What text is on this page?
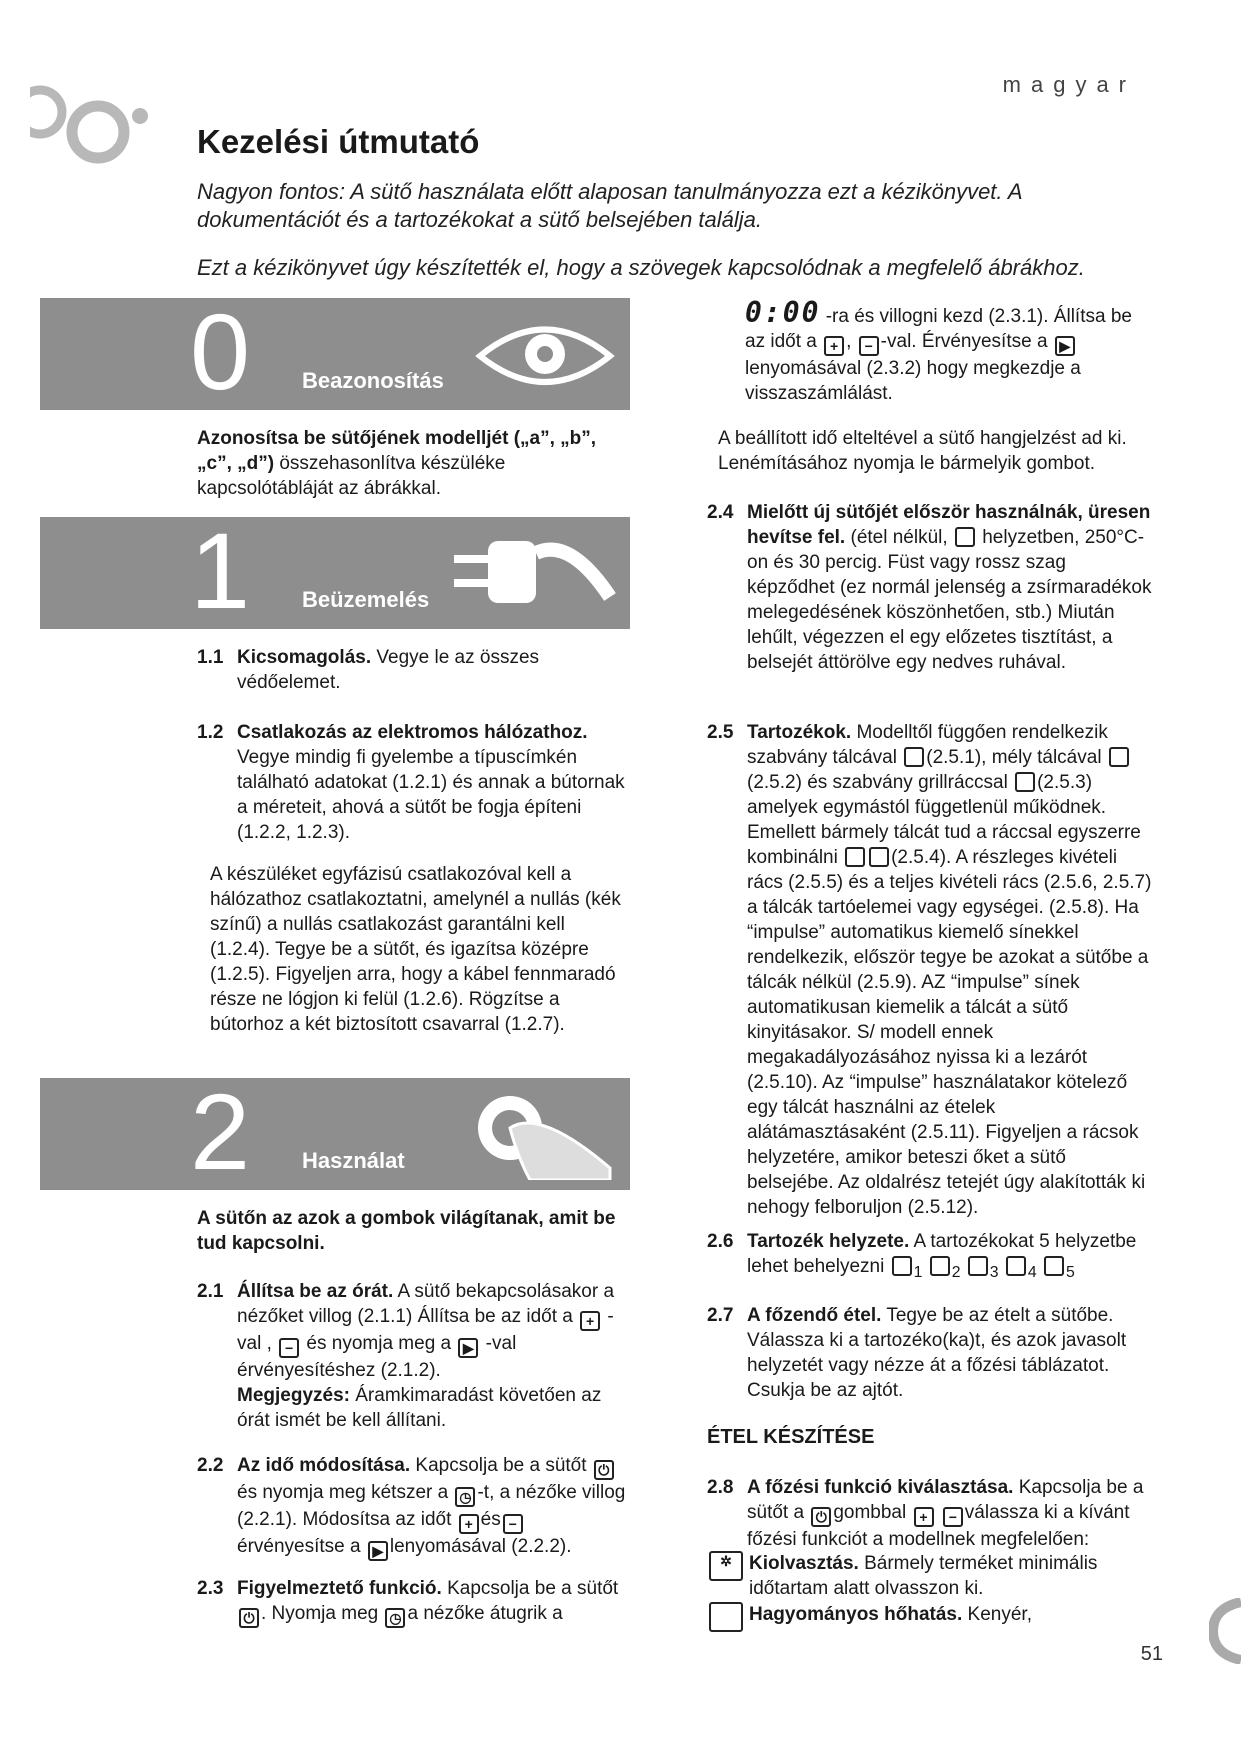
magyar
Kezelési útmutató

Nagyon fontos: A sütő használata előtt alaposan tanulmányozza ezt a kézikönyvet. A dokumentációt és a tartozékokat a sütő belsejében találja.

Ezt a kézikönyvet úgy készítették el, hogy a szövegek kapcsolódnak a megfelelő ábrákhoz.

0 Beazonosítás
Azonosítsa be sütőjének modelljét („a”, „b”, „c”, „d”) összehasonlítva készüléke kapcsolótábláját az ábrákkal.
1 Beüzemelés
1.1 Kicsomagolás. Vegye le az összes védőelemet.
1.2 Csatlakozás az elektromos hálózathoz. Vegye mindig fi gyelembe a típuscímkén található adatokat (1.2.1) és annak a bútornak a méreteit, ahová a sütőt be fogja építeni (1.2.2, 1.2.3).
A készüléket egyfázisú csatlakozóval kell a hálózathoz csatlakoztatni, amelynél a nullás (kék színű) a nullás csatlakozást garantálni kell (1.2.4). Tegye be a sütőt, és igazítsa középre (1.2.5). Figyeljen arra, hogy a kábel fennmaradó része ne lógjon ki felül (1.2.6). Rögzítse a bútorhoz a két biztosított csavarral (1.2.7).
2 Használat
A sütőn az azok a gombok világítanak, amit be tud kapcsolni.
2.1 Állítsa be az órát. A sütő bekapcsolásakor a nézőket villog (2.1.1) Állítsa be az időt a + -val , − és nyomja meg a ▶ -val érvényesítéshez (2.1.2).
Megjegyzés: Áramkimaradást követően az órát ismét be kell állítani.
2.2 Az idő módosítása. Kapcsolja be a sütőt ⏻ és nyomja meg kétszer a ◷ -t, a nézőke villog (2.2.1). Módosítsa az időt + és − érvényesítse a ▶ lenyomásával (2.2.2).
2.3 Figyelmeztető funkció. Kapcsolja be a sütőt
⏻ . Nyomja meg ◷ a nézőke átugrik a
0:00 -ra és villogni kezd (2.3.1). Állítsa be az időt a + , − -val. Érvényesítse a ▶lenyomásával (2.3.2) hogy megkezdje a visszaszámlálást.
A beállított idő elteltével a sütő hangjelzést ad ki. Lenémításához nyomja le bármelyik gombot.
2.4 Mielőtt új sütőjét először használnák, üresen hevítse fel. (étel nélkül, helyzetben, 250°C-on és 30 percig. Füst vagy rossz szag képződhet (ez normál jelenség a zsírmaradékok melegedésének köszönhetően, stb.) Miután lehűlt, végezzen el egy előzetes tisztítást, a belsejét áttörölve egy nedves ruhával.
2.5 Tartozékok. Modelltől függően rendelkezik szabvány tálcával (2.5.1), mély tálcával (2.5.2) és szabvány grillráccsal (2.5.3) amelyek egymástól függetlenül működnek. Emellett bármely tálcát tud a ráccsal egyszerre kombinálni	(2.5.4). A részleges kivételi rács (2.5.5) és a teljes kivételi rács (2.5.6, 2.5.7) a tálcák tartóelemei vagy egységei. (2.5.8). Ha “impulse” automatikus kiemelő sínekkel rendelkezik, először tegye be azokat a sütőbe a tálcák nélkül (2.5.9). AZ “impulse” sínek automatikusan kiemelik a tálcát a sütő kinyitásakor. S/ modell ennek megakadályozásához nyissa ki a lezárót (2.5.10). Az “impulse” használatakor kötelező egy tálcát használni az ételek alátámasztásaként (2.5.11). Figyeljen a rácsok helyzetére, amikor beteszi őket a sütő belsejébe. Az oldalrész tetejét úgy alakították ki nehogy felboruljon (2.5.12).
2.6 Tartozék helyzete. A tartozékokat 5 helyzetbe lehet behelyezni $_1$ $_2$ $_3$ $_4$ $_5$
2.7 A főzendő étel. Tegye be az ételt a sütőbe. Válassza ki a tartozéko(ka)t, és azok javasolt helyzetét vagy nézze át a főzési táblázatot. Csukja be az ajtót.
ÉTEL KÉSZÍTÉSE
2.8 A főzési funkció kiválasztása. Kapcsolja be a sütőt a ⏻ gombbal + − válassza ki a kívánt főzési funkciót a modellnek megfelelően:
✲ Kiolvasztás. Bármely terméket minimális időtartam alatt olvasszon ki.
Hagyományos hőhatás. Kenyér,
51
